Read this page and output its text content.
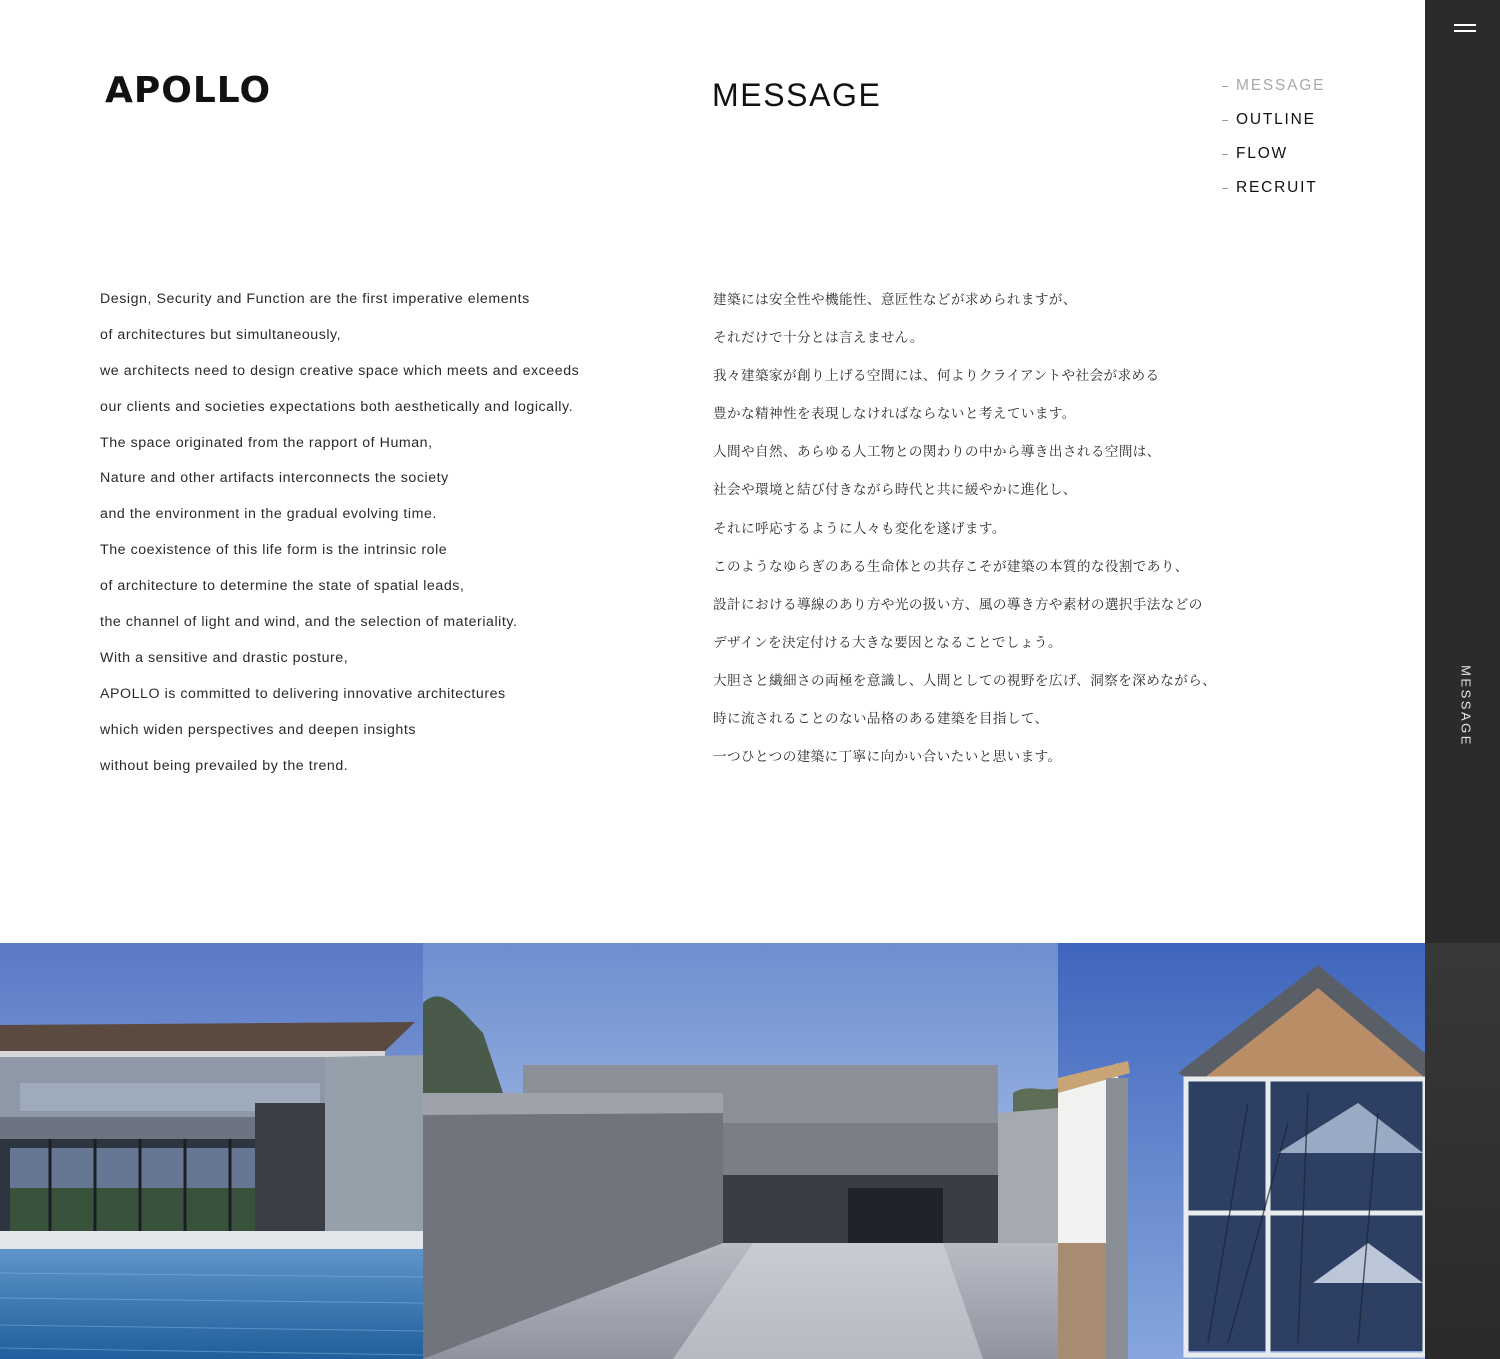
APOLLO	MESSAGE	MESSAGE
OUTLINE
FLOW
RECRUIT
Design, Security and Function are the first imperative elements
of architectures but simultaneously,
we architects need to design creative space which meets and exceeds
our clients and societies expectations both aesthetically and logically.
The space originated from the rapport of Human,
Nature and other artifacts interconnects the society
and the environment in the gradual evolving time.
The coexistence of this life form is the intrinsic role
of architecture to determine the state of spatial leads,
the channel of light and wind, and the selection of materiality.
With a sensitive and drastic posture,
APOLLO is committed to delivering innovative architectures
which widen perspectives and deepen insights
without being prevailed by the trend.
建築には安全性や機能性、意匠性などが求められますが、
それだけで十分とは言えません。
我々建築家が創り上げる空間には、何よりクライアントや社会が求める
豊かな精神性を表現しなければならないと考えています。
人間や自然、あらゆる人工物との関わりの中から導き出される空間は、
社会や環境と結び付きながら時代と共に緩やかに進化し、
それに呼応するように人々も変化を遂げます。
このようなゆらぎのある生命体との共存こそが建築の本質的な役割であり、
設計における導線のあり方や光の扱い方、風の導き方や素材の選択手法などの
デザインを決定付ける大きな要因となることでしょう。
大胆さと繊細さの両極を意識し、人間としての視野を広げ、洞察を深めながら、
時に流されることのない品格のある建築を目指して、
一つひとつの建築に丁寧に向かい合いたいと思います。
MESSAGE
